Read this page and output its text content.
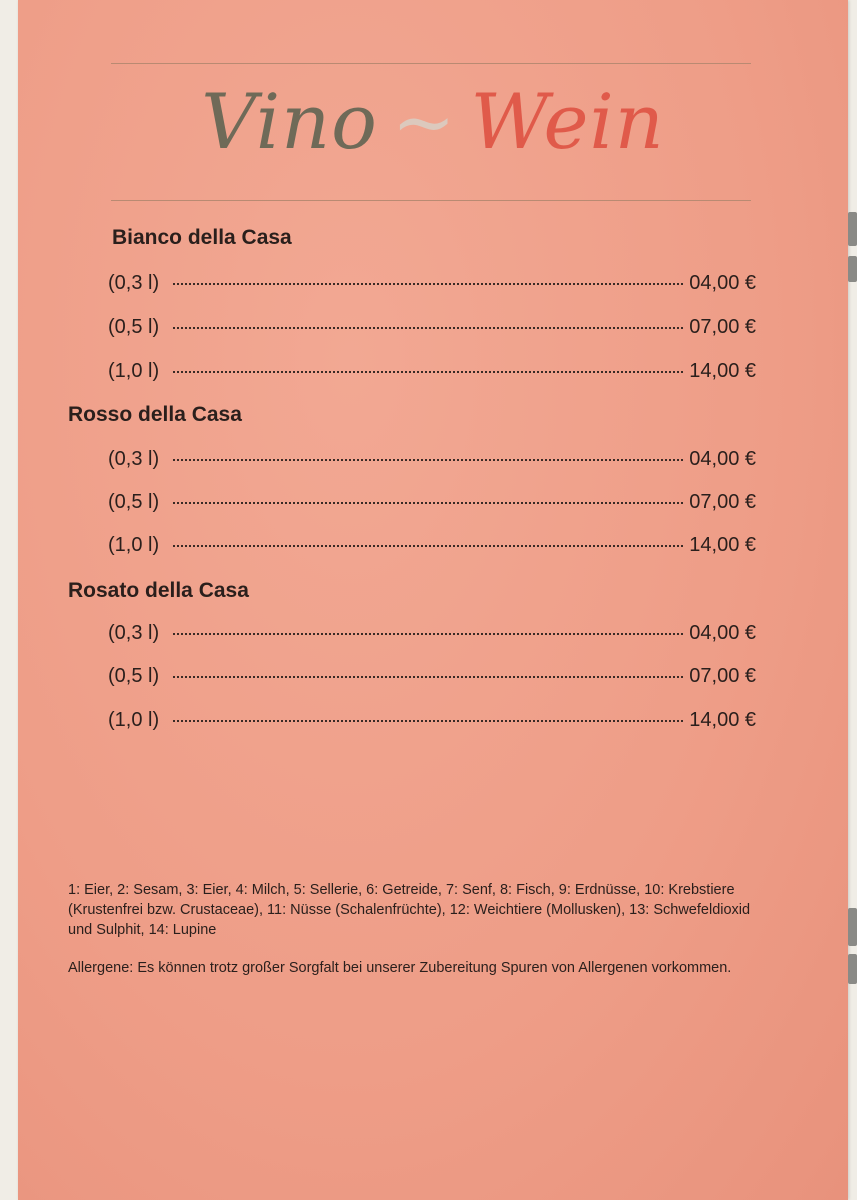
Vino ~ Wein
Bianco della Casa
(0,3 l)	04,00 €
(0,5 l)	07,00 €
(1,0 l)	14,00 €
Rosso della Casa
(0,3 l)	04,00 €
(0,5 l)	07,00 €
(1,0 l)	14,00 €
Rosato della Casa
(0,3 l)	04,00 €
(0,5 l)	07,00 €
(1,0 l)	14,00 €
1: Eier, 2: Sesam, 3: Eier, 4: Milch, 5: Sellerie, 6: Getreide, 7: Senf, 8: Fisch, 9: Erdnüsse, 10: Krebstiere (Krustenfrei bzw. Crustaceae), 11: Nüsse (Schalenfrüchte), 12: Weichtiere (Mollusken), 13: Schwefeldioxid und Sulphit, 14: Lupine
Allergene: Es können trotz großer Sorgfalt bei unserer Zubereitung Spuren von Allergenen vorkommen.
